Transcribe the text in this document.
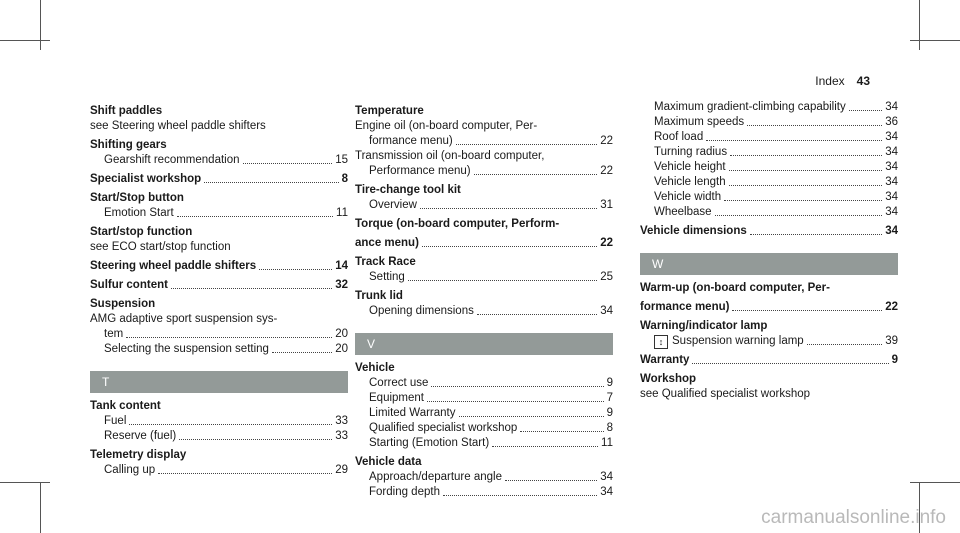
Index 43
Shift paddles
see Steering wheel paddle shifters
Shifting gears
Gearshift recommendation	15
Specialist workshop	8
Start/Stop button
Emotion Start	11
Start/stop function
see ECO start/stop function
Steering wheel paddle shifters	14
Sulfur content	32
Suspension
AMG adaptive sport suspension sys-
tem	20
Selecting the suspension setting	20
T
Tank content
Fuel	33
Reserve (fuel)	33
Telemetry display
Calling up	29
Temperature
Engine oil (on-board computer, Per-
formance menu)	22
Transmission oil (on-board computer,
Performance menu)	22
Tire-change tool kit
Overview	31
Torque (on-board computer, Perform-
ance menu)	22
Track Race
Setting	25
Trunk lid
Opening dimensions	34
V
Vehicle
Correct use	9
Equipment	7
Limited Warranty	9
Qualified specialist workshop	8
Starting (Emotion Start)	11
Vehicle data
Approach/departure angle	34
Fording depth	34
Maximum gradient-climbing capability	34
Maximum speeds	36
Roof load	34
Turning radius	34
Vehicle height	34
Vehicle length	34
Vehicle width	34
Wheelbase	34
Vehicle dimensions	34
W
Warm-up (on-board computer, Per-
formance menu)	22
Warning/indicator lamp
↕ Suspension warning lamp	39
Warranty	9
Workshop
see Qualified specialist workshop
carmanualsonline.info
